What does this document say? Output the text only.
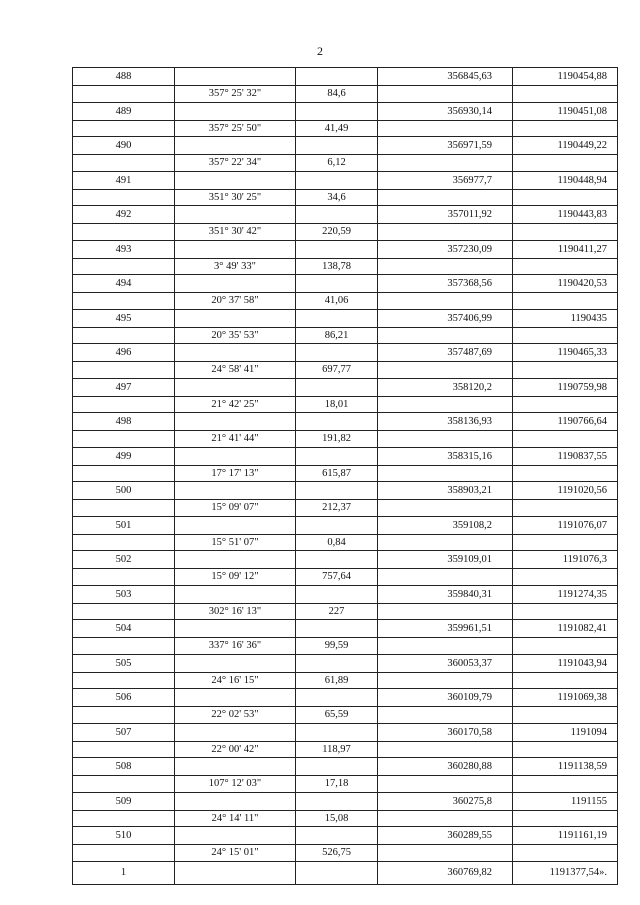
2
488			356845,63	1190454,88
	357° 25' 32"	84,6		
489			356930,14	1190451,08
	357° 25' 50"	41,49		
490			356971,59	1190449,22
	357° 22' 34"	6,12		
491			356977,7	1190448,94
	351° 30' 25"	34,6		
492			357011,92	1190443,83
	351° 30' 42"	220,59		
493			357230,09	1190411,27
	3° 49' 33"	138,78		
494			357368,56	1190420,53
	20° 37' 58"	41,06		
495			357406,99	1190435
	20° 35' 53"	86,21		
496			357487,69	1190465,33
	24° 58' 41"	697,77		
497			358120,2	1190759,98
	21° 42' 25"	18,01		
498			358136,93	1190766,64
	21° 41' 44"	191,82		
499			358315,16	1190837,55
	17° 17' 13"	615,87		
500			358903,21	1191020,56
	15° 09' 07"	212,37		
501			359108,2	1191076,07
	15° 51' 07"	0,84		
502			359109,01	1191076,3
	15° 09' 12"	757,64		
503			359840,31	1191274,35
	302° 16' 13"	227		
504			359961,51	1191082,41
	337° 16' 36"	99,59		
505			360053,37	1191043,94
	24° 16' 15"	61,89		
506			360109,79	1191069,38
	22° 02' 53"	65,59		
507			360170,58	1191094
	22° 00' 42"	118,97		
508			360280,88	1191138,59
	107° 12' 03"	17,18		
509			360275,8	1191155
	24° 14' 11"	15,08		
510			360289,55	1191161,19
	24° 15' 01"	526,75		
1			360769,82	1191377,54».
